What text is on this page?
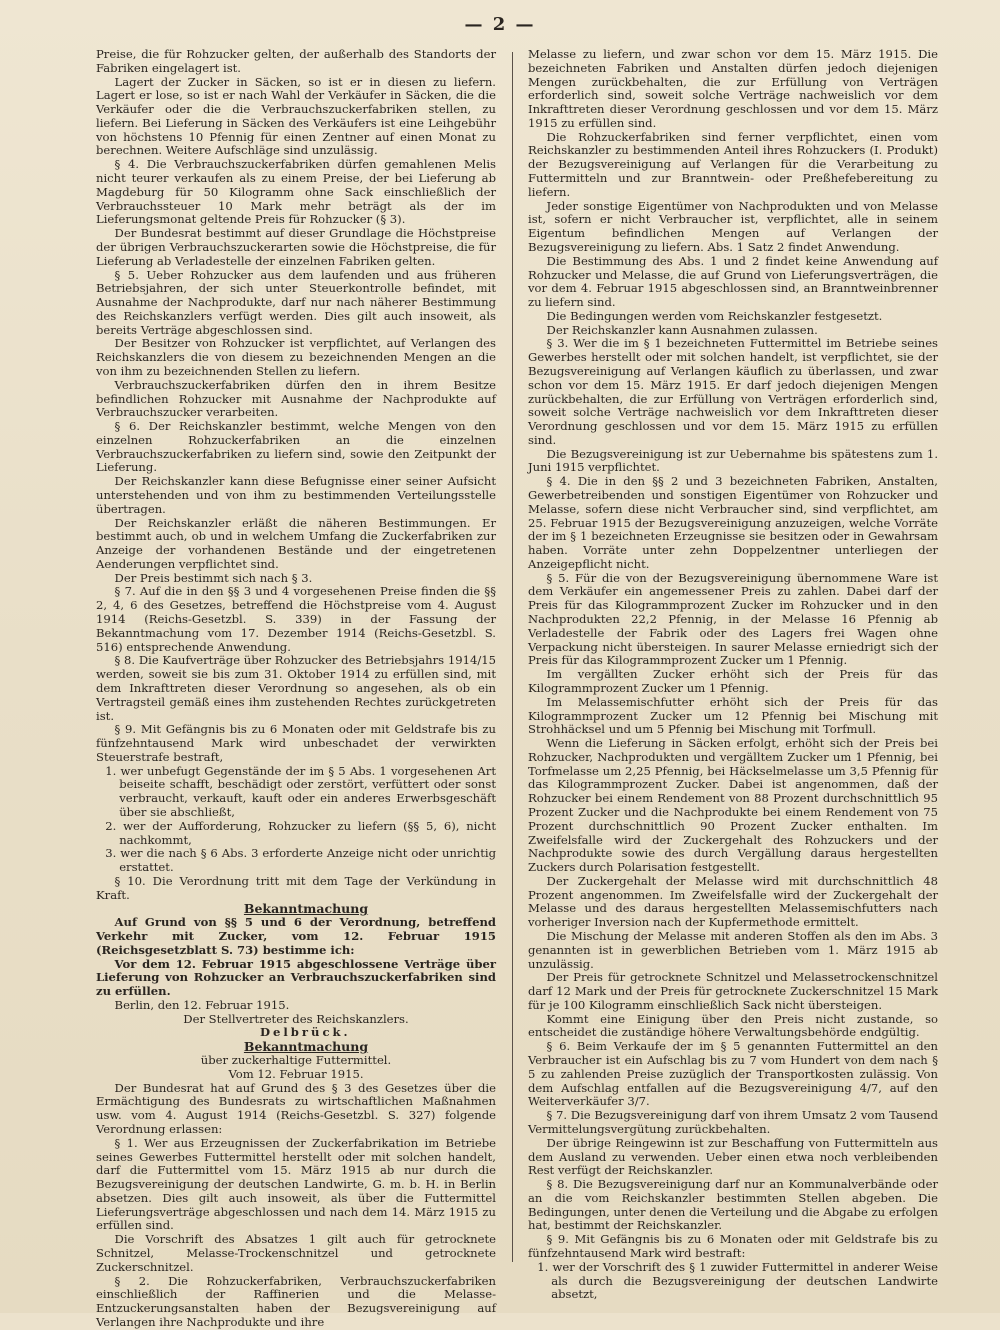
— 2 —

Preise, die für Rohzucker gelten, der außerhalb des Standorts der Fabriken eingelagert ist.

Lagert der Zucker in Säcken, so ist er in diesen zu liefern. Lagert er lose, so ist er nach Wahl der Verkäufer in Säcken, die die Verkäufer oder die die Verbrauchszuckerfabriken stellen, zu liefern. Bei Lieferung in Säcken des Verkäufers ist eine Leihgebühr von höchstens 10 Pfennig für einen Zentner auf einen Monat zu berechnen. Weitere Aufschläge sind unzulässig.

§ 4. Die Verbrauchszuckerfabriken dürfen gemahlenen Melis nicht teurer verkaufen als zu einem Preise, der bei Lieferung ab Magdeburg für 50 Kilogramm ohne Sack einschließlich der Verbrauchssteuer 10 Mark mehr beträgt als der im Lieferungsmonat geltende Preis für Rohzucker (§ 3).

Der Bundesrat bestimmt auf dieser Grundlage die Höchstpreise der übrigen Verbrauchszuckerarten sowie die Höchstpreise, die für Lieferung ab Verladestelle der einzelnen Fabriken gelten.

§ 5. Ueber Rohzucker aus dem laufenden und aus früheren Betriebsjahren, der sich unter Steuerkontrolle befindet, mit Ausnahme der Nachprodukte, darf nur nach näherer Bestimmung des Reichskanzlers verfügt werden. Dies gilt auch insoweit, als bereits Verträge abgeschlossen sind.

Der Besitzer von Rohzucker ist verpflichtet, auf Verlangen des Reichskanzlers die von diesem zu bezeichnenden Mengen an die von ihm zu bezeichnenden Stellen zu liefern.

Verbrauchszuckerfabriken dürfen den in ihrem Besitze befindlichen Rohzucker mit Ausnahme der Nachprodukte auf Verbrauchszucker verarbeiten.

§ 6. Der Reichskanzler bestimmt, welche Mengen von den einzelnen Rohzuckerfabriken an die einzelnen Verbrauchszuckerfabriken zu liefern sind, sowie den Zeitpunkt der Lieferung.

Der Reichskanzler kann diese Befugnisse einer seiner Aufsicht unterstehenden und von ihm zu bestimmenden Verteilungsstelle übertragen.

Der Reichskanzler erläßt die näheren Bestimmungen. Er bestimmt auch, ob und in welchem Umfang die Zuckerfabriken zur Anzeige der vorhandenen Bestände und der eingetretenen Aenderungen verpflichtet sind.

Der Preis bestimmt sich nach § 3.

§ 7. Auf die in den §§ 3 und 4 vorgesehenen Preise finden die §§ 2, 4, 6 des Gesetzes, betreffend die Höchstpreise vom 4. August 1914 (Reichs-Gesetzbl. S. 339) in der Fassung der Bekanntmachung vom 17. Dezember 1914 (Reichs-Gesetzbl. S. 516) entsprechende Anwendung.

§ 8. Die Kaufverträge über Rohzucker des Betriebsjahrs 1914/15 werden, soweit sie bis zum 31. Oktober 1914 zu erfüllen sind, mit dem Inkrafttreten dieser Verordnung so angesehen, als ob ein Vertragsteil gemäß eines ihm zustehenden Rechtes zurückgetreten ist.

§ 9. Mit Gefängnis bis zu 6 Monaten oder mit Geldstrafe bis zu fünfzehntausend Mark wird unbeschadet der verwirkten Steuerstrafe bestraft,

1. wer unbefugt Gegenstände der im § 5 Abs. 1 vorgesehenen Art beiseite schafft, beschädigt oder zerstört, verfüttert oder sonst verbraucht, verkauft, kauft oder ein anderes Erwerbsgeschäft über sie abschließt,

2. wer der Aufforderung, Rohzucker zu liefern (§§ 5, 6), nicht nachkommt,

3. wer die nach § 6 Abs. 3 erforderte Anzeige nicht oder unrichtig erstattet.

§ 10. Die Verordnung tritt mit dem Tage der Verkündung in Kraft.

Bekanntmachung

Auf Grund von §§ 5 und 6 der Verordnung, betreffend Verkehr mit Zucker, vom 12. Februar 1915 (Reichsgesetzblatt S. 73) bestimme ich:

Vor dem 12. Februar 1915 abgeschlossene Verträge über Lieferung von Rohzucker an Verbrauchszuckerfabriken sind zu erfüllen.

Berlin, den 12. Februar 1915.

Der Stellvertreter des Reichskanzlers.

Delbrück.

Bekanntmachung

über zuckerhaltige Futtermittel.

Vom 12. Februar 1915.

Der Bundesrat hat auf Grund des § 3 des Gesetzes über die Ermächtigung des Bundesrats zu wirtschaftlichen Maßnahmen usw. vom 4. August 1914 (Reichs-Gesetzbl. S. 327) folgende Verordnung erlassen:

§ 1. Wer aus Erzeugnissen der Zuckerfabrikation im Betriebe seines Gewerbes Futtermittel herstellt oder mit solchen handelt, darf die Futtermittel vom 15. März 1915 ab nur durch die Bezugsvereinigung der deutschen Landwirte, G. m. b. H. in Berlin absetzen. Dies gilt auch insoweit, als über die Futtermittel Lieferungsverträge abgeschlossen und nach dem 14. März 1915 zu erfüllen sind.

Die Vorschrift des Absatzes 1 gilt auch für getrocknete Schnitzel, Melasse-Trockenschnitzel und getrocknete Zuckerschnitzel.

§ 2. Die Rohzuckerfabriken, Verbrauchszuckerfabriken einschließlich der Raffinerien und die Melasse-Entzuckerungsanstalten haben der Bezugsvereinigung auf Verlangen ihre Nachprodukte und ihre

Melasse zu liefern, und zwar schon vor dem 15. März 1915. Die bezeichneten Fabriken und Anstalten dürfen jedoch diejenigen Mengen zurückbehalten, die zur Erfüllung von Verträgen erforderlich sind, soweit solche Verträge nachweislich vor dem Inkrafttreten dieser Verordnung geschlossen und vor dem 15. März 1915 zu erfüllen sind.

Die Rohzuckerfabriken sind ferner verpflichtet, einen vom Reichskanzler zu bestimmenden Anteil ihres Rohzuckers (I. Produkt) der Bezugsvereinigung auf Verlangen für die Verarbeitung zu Futtermitteln und zur Branntwein- oder Preßhefebereitung zu liefern.

Jeder sonstige Eigentümer von Nachprodukten und von Melasse ist, sofern er nicht Verbraucher ist, verpflichtet, alle in seinem Eigentum befindlichen Mengen auf Verlangen der Bezugsvereinigung zu liefern. Abs. 1 Satz 2 findet Anwendung.

Die Bestimmung des Abs. 1 und 2 findet keine Anwendung auf Rohzucker und Melasse, die auf Grund von Lieferungsverträgen, die vor dem 4. Februar 1915 abgeschlossen sind, an Branntweinbrenner zu liefern sind.

Die Bedingungen werden vom Reichskanzler festgesetzt.

Der Reichskanzler kann Ausnahmen zulassen.

§ 3. Wer die im § 1 bezeichneten Futtermittel im Betriebe seines Gewerbes herstellt oder mit solchen handelt, ist verpflichtet, sie der Bezugsvereinigung auf Verlangen käuflich zu überlassen, und zwar schon vor dem 15. März 1915. Er darf jedoch diejenigen Mengen zurückbehalten, die zur Erfüllung von Verträgen erforderlich sind, soweit solche Verträge nachweislich vor dem Inkrafttreten dieser Verordnung geschlossen und vor dem 15. März 1915 zu erfüllen sind.

Die Bezugsvereinigung ist zur Uebernahme bis spätestens zum 1. Juni 1915 verpflichtet.

§ 4. Die in den §§ 2 und 3 bezeichneten Fabriken, Anstalten, Gewerbetreibenden und sonstigen Eigentümer von Rohzucker und Melasse, sofern diese nicht Verbraucher sind, sind verpflichtet, am 25. Februar 1915 der Bezugsvereinigung anzuzeigen, welche Vorräte der im § 1 bezeichneten Erzeugnisse sie besitzen oder in Gewahrsam haben. Vorräte unter zehn Doppelzentner unterliegen der Anzeigepflicht nicht.

§ 5. Für die von der Bezugsvereinigung übernommene Ware ist dem Verkäufer ein angemessener Preis zu zahlen. Dabei darf der Preis für das Kilogrammprozent Zucker im Rohzucker und in den Nachprodukten 22,2 Pfennig, in der Melasse 16 Pfennig ab Verladestelle der Fabrik oder des Lagers frei Wagen ohne Verpackung nicht übersteigen. In saurer Melasse erniedrigt sich der Preis für das Kilogrammprozent Zucker um 1 Pfennig.

Im vergällten Zucker erhöht sich der Preis für das Kilogrammprozent Zucker um 1 Pfennig.

Im Melassemischfutter erhöht sich der Preis für das Kilogrammprozent Zucker um 12 Pfennig bei Mischung mit Strohhäcksel und um 5 Pfennig bei Mischung mit Torfmull.

Wenn die Lieferung in Säcken erfolgt, erhöht sich der Preis bei Rohzucker, Nachprodukten und vergälltem Zucker um 1 Pfennig, bei Torfmelasse um 2,25 Pfennig, bei Häckselmelasse um 3,5 Pfennig für das Kilogrammprozent Zucker. Dabei ist angenommen, daß der Rohzucker bei einem Rendement von 88 Prozent durchschnittlich 95 Prozent Zucker und die Nachprodukte bei einem Rendement von 75 Prozent durchschnittlich 90 Prozent Zucker enthalten. Im Zweifelsfalle wird der Zuckergehalt des Rohzuckers und der Nachprodukte sowie des durch Vergällung daraus hergestellten Zuckers durch Polarisation festgestellt.

Der Zuckergehalt der Melasse wird mit durchschnittlich 48 Prozent angenommen. Im Zweifelsfalle wird der Zuckergehalt der Melasse und des daraus hergestellten Melassemischfutters nach vorheriger Inversion nach der Kupfermethode ermittelt.

Die Mischung der Melasse mit anderen Stoffen als den im Abs. 3 genannten ist in gewerblichen Betrieben vom 1. März 1915 ab unzulässig.

Der Preis für getrocknete Schnitzel und Melassetrockenschnitzel darf 12 Mark und der Preis für getrocknete Zuckerschnitzel 15 Mark für je 100 Kilogramm einschließlich Sack nicht übersteigen.

Kommt eine Einigung über den Preis nicht zustande, so entscheidet die zuständige höhere Verwaltungsbehörde endgültig.

§ 6. Beim Verkaufe der im § 5 genannten Futtermittel an den Verbraucher ist ein Aufschlag bis zu 7 vom Hundert von dem nach § 5 zu zahlenden Preise zuzüglich der Transportkosten zulässig. Von dem Aufschlag entfallen auf die Bezugsvereinigung 4/7, auf den Weiterverkäufer 3/7.

§ 7. Die Bezugsvereinigung darf von ihrem Umsatz 2 vom Tausend Vermittelungsvergütung zurückbehalten.

Der übrige Reingewinn ist zur Beschaffung von Futtermitteln aus dem Ausland zu verwenden. Ueber einen etwa noch verbleibenden Rest verfügt der Reichskanzler.

§ 8. Die Bezugsvereinigung darf nur an Kommunalverbände oder an die vom Reichskanzler bestimmten Stellen abgeben. Die Bedingungen, unter denen die Verteilung und die Abgabe zu erfolgen hat, bestimmt der Reichskanzler.

§ 9. Mit Gefängnis bis zu 6 Monaten oder mit Geldstrafe bis zu fünfzehntausend Mark wird bestraft:

1. wer der Vorschrift des § 1 zuwider Futtermittel in anderer Weise als durch die Bezugsvereinigung der deutschen Landwirte absetzt,
